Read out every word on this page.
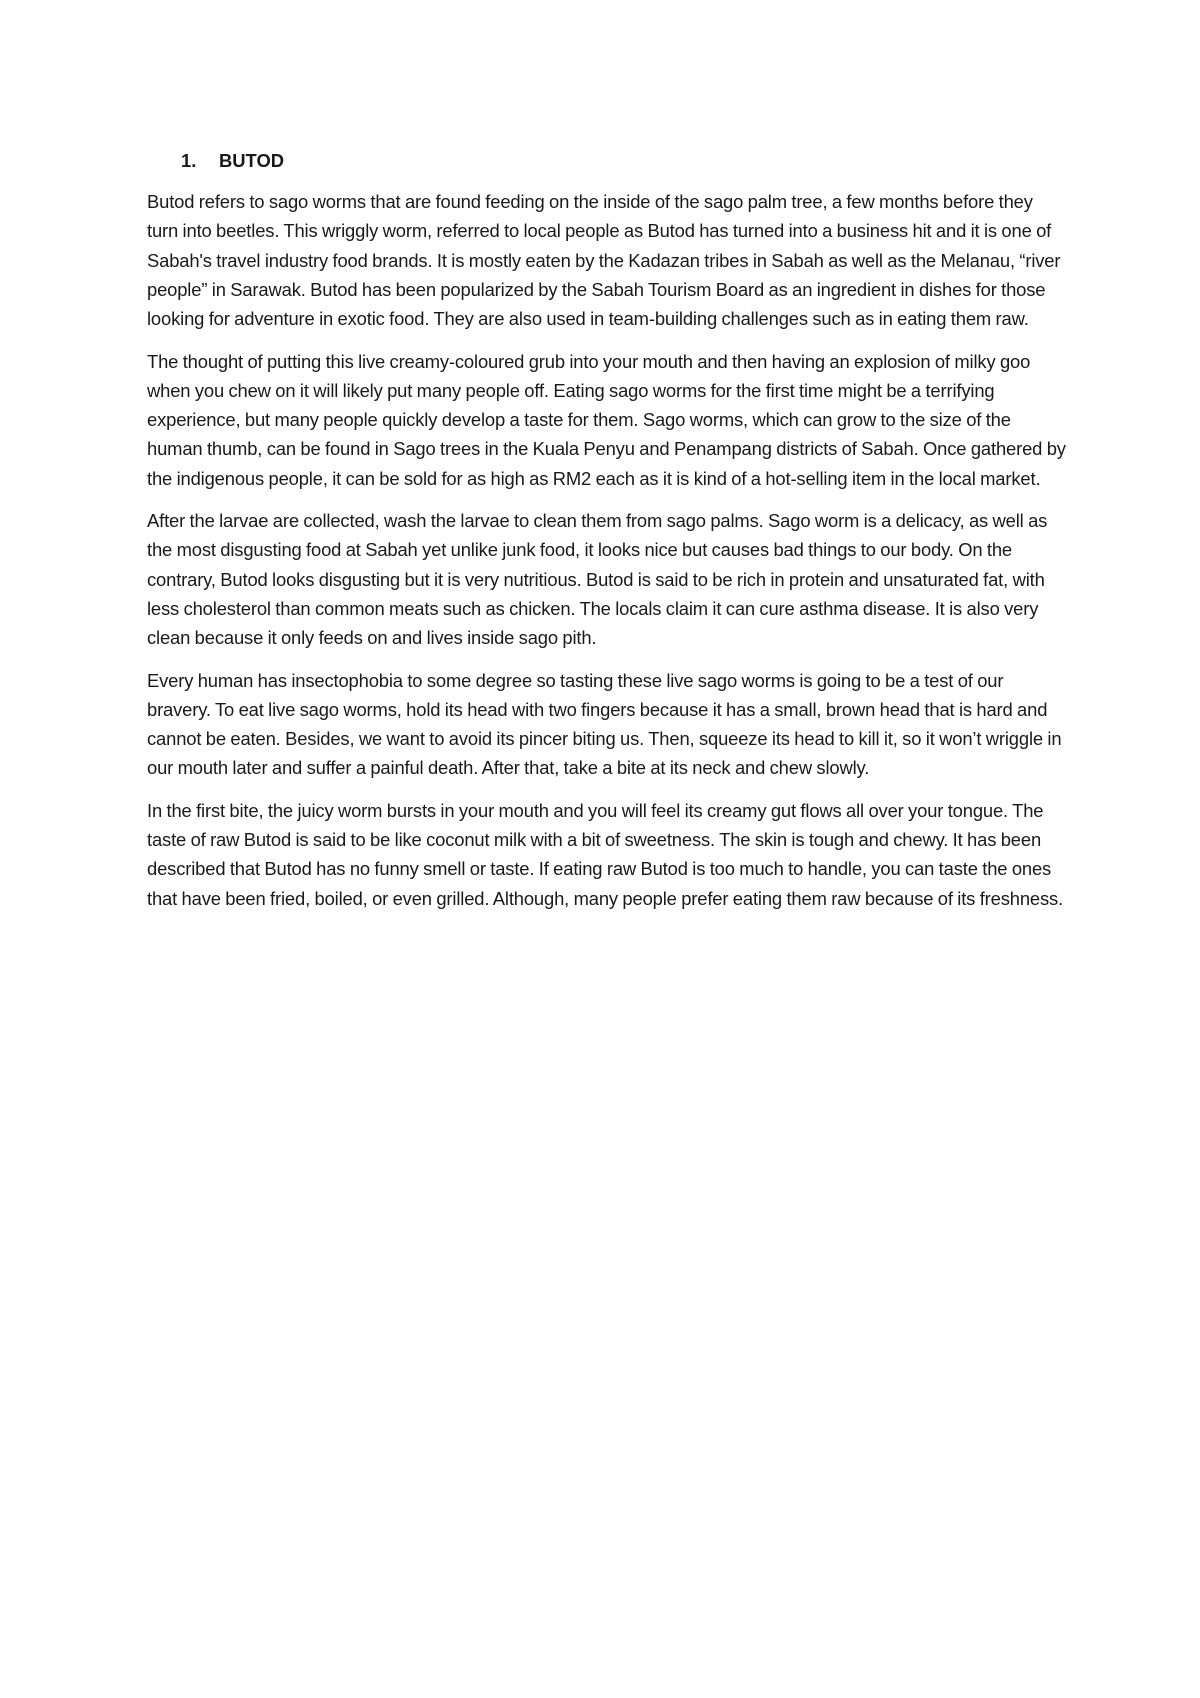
1. BUTOD

Butod refers to sago worms that are found feeding on the inside of the sago palm tree, a few months before they turn into beetles. This wriggly worm, referred to local people as Butod has turned into a business hit and it is one of Sabah's travel industry food brands. It is mostly eaten by the Kadazan tribes in Sabah as well as the Melanau, “river people” in Sarawak. Butod has been popularized by the Sabah Tourism Board as an ingredient in dishes for those looking for adventure in exotic food. They are also used in team-building challenges such as in eating them raw.

The thought of putting this live creamy-coloured grub into your mouth and then having an explosion of milky goo when you chew on it will likely put many people off. Eating sago worms for the first time might be a terrifying experience, but many people quickly develop a taste for them. Sago worms, which can grow to the size of the human thumb, can be found in Sago trees in the Kuala Penyu and Penampang districts of Sabah. Once gathered by the indigenous people, it can be sold for as high as RM2 each as it is kind of a hot-selling item in the local market.

After the larvae are collected, wash the larvae to clean them from sago palms. Sago worm is a delicacy, as well as the most disgusting food at Sabah yet unlike junk food, it looks nice but causes bad things to our body. On the contrary, Butod looks disgusting but it is very nutritious. Butod is said to be rich in protein and unsaturated fat, with less cholesterol than common meats such as chicken. The locals claim it can cure asthma disease. It is also very clean because it only feeds on and lives inside sago pith.

Every human has insectophobia to some degree so tasting these live sago worms is going to be a test of our bravery. To eat live sago worms, hold its head with two fingers because it has a small, brown head that is hard and cannot be eaten. Besides, we want to avoid its pincer biting us. Then, squeeze its head to kill it, so it won’t wriggle in our mouth later and suffer a painful death. After that, take a bite at its neck and chew slowly.

In the first bite, the juicy worm bursts in your mouth and you will feel its creamy gut flows all over your tongue. The taste of raw Butod is said to be like coconut milk with a bit of sweetness. The skin is tough and chewy. It has been described that Butod has no funny smell or taste. If eating raw Butod is too much to handle, you can taste the ones that have been fried, boiled, or even grilled. Although, many people prefer eating them raw because of its freshness.
